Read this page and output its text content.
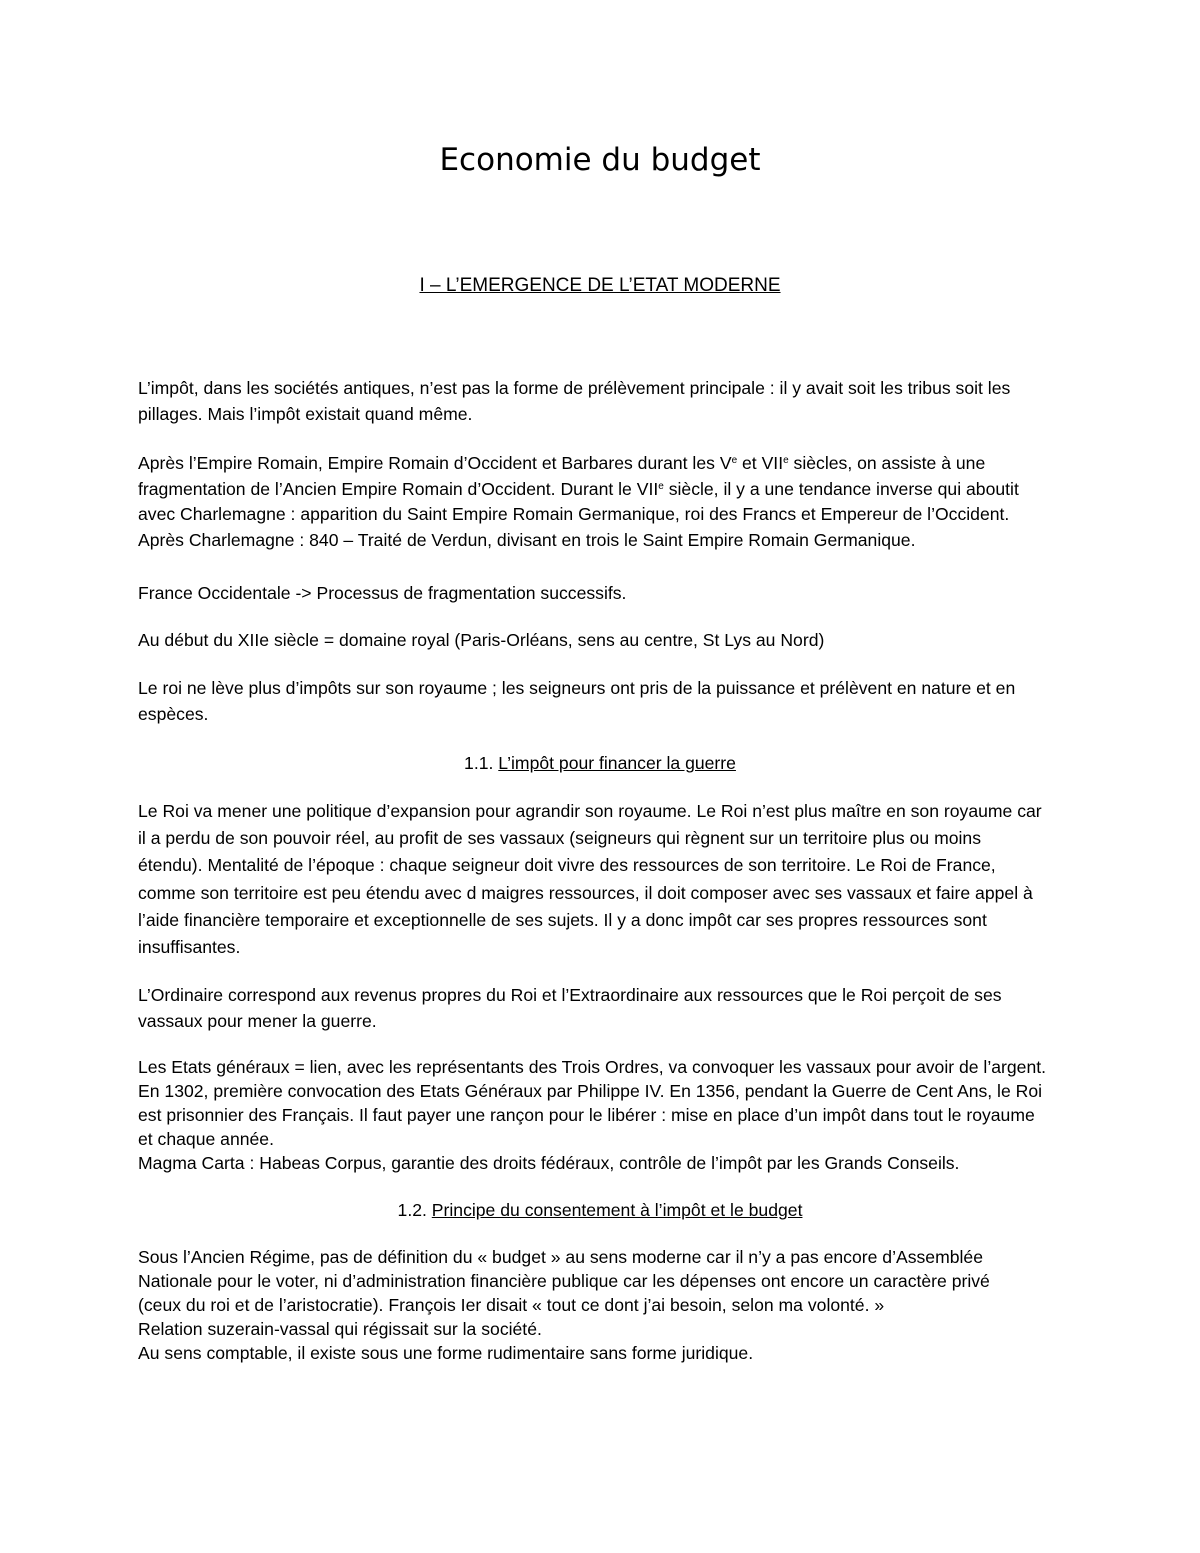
Economie du budget
I – L’EMERGENCE DE L’ETAT MODERNE

L’impôt, dans les sociétés antiques, n’est pas la forme de prélèvement principale : il y avait soit les tribus soit les
pillages. Mais l’impôt existait quand même.

Après l’Empire Romain, Empire Romain d’Occident et Barbares durant les Ve et VIIe siècles, on assiste à une
fragmentation de l’Ancien Empire Romain d’Occident. Durant le VIIe siècle, il y a une tendance inverse qui aboutit
avec Charlemagne : apparition du Saint Empire Romain Germanique, roi des Francs et Empereur de l’Occident.
Après Charlemagne : 840 – Traité de Verdun, divisant en trois le Saint Empire Romain Germanique.

France Occidentale -> Processus de fragmentation successifs.

Au début du XIIe siècle = domaine royal (Paris-Orléans, sens au centre, St Lys au Nord)

Le roi ne lève plus d’impôts sur son royaume ; les seigneurs ont pris de la puissance et prélèvent en nature et en
espèces.

1.1. L’impôt pour financer la guerre

Le Roi va mener une politique d’expansion pour agrandir son royaume. Le Roi n’est plus maître en son royaume car
il a perdu de son pouvoir réel, au profit de ses vassaux (seigneurs qui règnent sur un territoire plus ou moins
étendu). Mentalité de l’époque : chaque seigneur doit vivre des ressources de son territoire. Le Roi de France,
comme son territoire est peu étendu avec d maigres ressources, il doit composer avec ses vassaux et faire appel à
l’aide financière temporaire et exceptionnelle de ses sujets. Il y a donc impôt car ses propres ressources sont
insuffisantes.

L’Ordinaire correspond aux revenus propres du Roi et l’Extraordinaire aux ressources que le Roi perçoit de ses
vassaux pour mener la guerre.

Les Etats généraux = lien, avec les représentants des Trois Ordres, va convoquer les vassaux pour avoir de l’argent.
En 1302, première convocation des Etats Généraux par Philippe IV. En 1356, pendant la Guerre de Cent Ans, le Roi
est prisonnier des Français. Il faut payer une rançon pour le libérer : mise en place d’un impôt dans tout le royaume
et chaque année.
Magma Carta : Habeas Corpus, garantie des droits fédéraux, contrôle de l’impôt par les Grands Conseils.

1.2. Principe du consentement à l’impôt et le budget

Sous l’Ancien Régime, pas de définition du « budget » au sens moderne car il n’y a pas encore d’Assemblée
Nationale pour le voter, ni d’administration financière publique car les dépenses ont encore un caractère privé
(ceux du roi et de l’aristocratie). François Ier disait « tout ce dont j’ai besoin, selon ma volonté. »
Relation suzerain-vassal qui régissait sur la société.
Au sens comptable, il existe sous une forme rudimentaire sans forme juridique.
